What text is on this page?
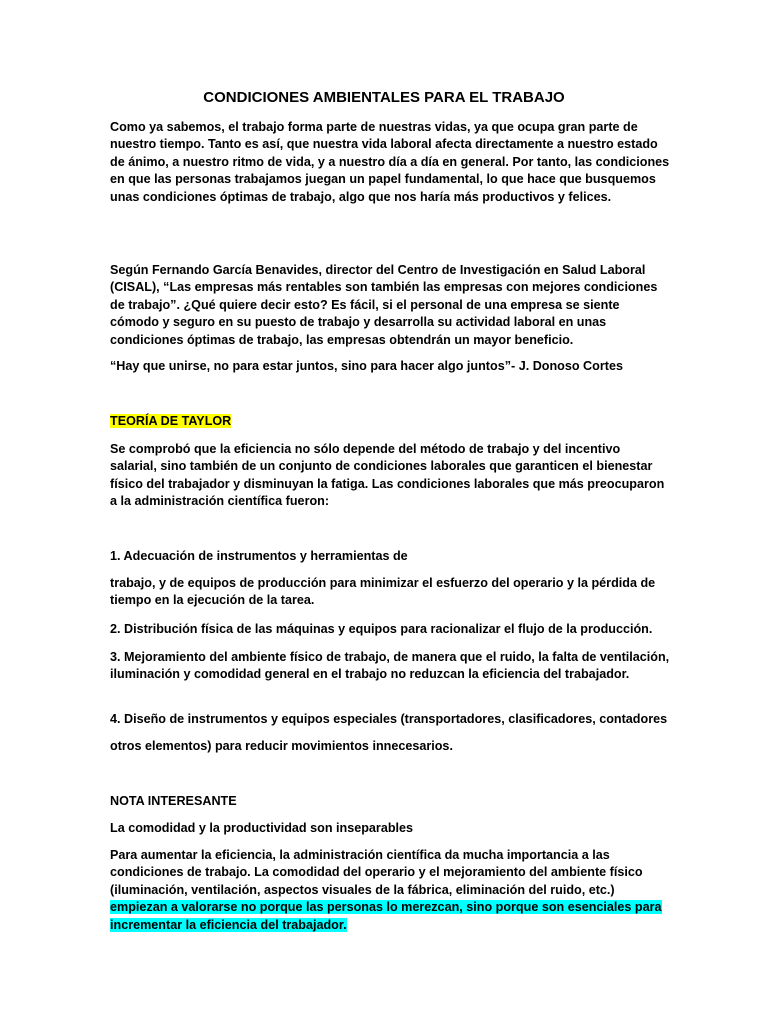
CONDICIONES AMBIENTALES PARA EL TRABAJO

Como ya sabemos, el trabajo forma parte de nuestras vidas, ya que ocupa gran parte de nuestro tiempo. Tanto es así, que nuestra vida laboral afecta directamente a nuestro estado de ánimo, a nuestro ritmo de vida, y a nuestro día a día en general. Por tanto, las condiciones en que las personas trabajamos juegan un papel fundamental, lo que hace que busquemos unas condiciones óptimas de trabajo, algo que nos haría más productivos y felices.

Según Fernando García Benavides, director del Centro de Investigación en Salud Laboral (CISAL), “Las empresas más rentables son también las empresas con mejores condiciones de trabajo”. ¿Qué quiere decir esto? Es fácil, si el personal de una empresa se siente cómodo y seguro en su puesto de trabajo y desarrolla su actividad laboral en unas condiciones óptimas de trabajo, las empresas obtendrán un mayor beneficio.

“Hay que unirse, no para estar juntos, sino para hacer algo juntos”- J. Donoso Cortes

TEORÍA DE TAYLOR

Se comprobó que la eficiencia no sólo depende del método de trabajo y del incentivo salarial, sino también de un conjunto de condiciones laborales que garanticen el bienestar físico del trabajador y disminuyan la fatiga. Las condiciones laborales que más preocuparon a la administración científica fueron:

1. Adecuación de instrumentos y herramientas de

trabajo, y de equipos de producción para minimizar el esfuerzo del operario y la pérdida de tiempo en la ejecución de la tarea.

2. Distribución física de las máquinas y equipos para racionalizar el flujo de la producción.

3. Mejoramiento del ambiente físico de trabajo, de manera que el ruido, la falta de ventilación, iluminación y comodidad general en el trabajo no reduzcan la eficiencia del trabajador.

4. Diseño de instrumentos y equipos especiales (transportadores, clasificadores, contadores

otros elementos) para reducir movimientos innecesarios.

NOTA INTERESANTE

La comodidad y la productividad son inseparables

Para aumentar la eficiencia, la administración científica da mucha importancia a las condiciones de trabajo. La comodidad del operario y el mejoramiento del ambiente físico (iluminación, ventilación, aspectos visuales de la fábrica, eliminación del ruido, etc.) empiezan a valorarse no porque las personas lo merezcan, sino porque son esenciales para incrementar la eficiencia del trabajador.
